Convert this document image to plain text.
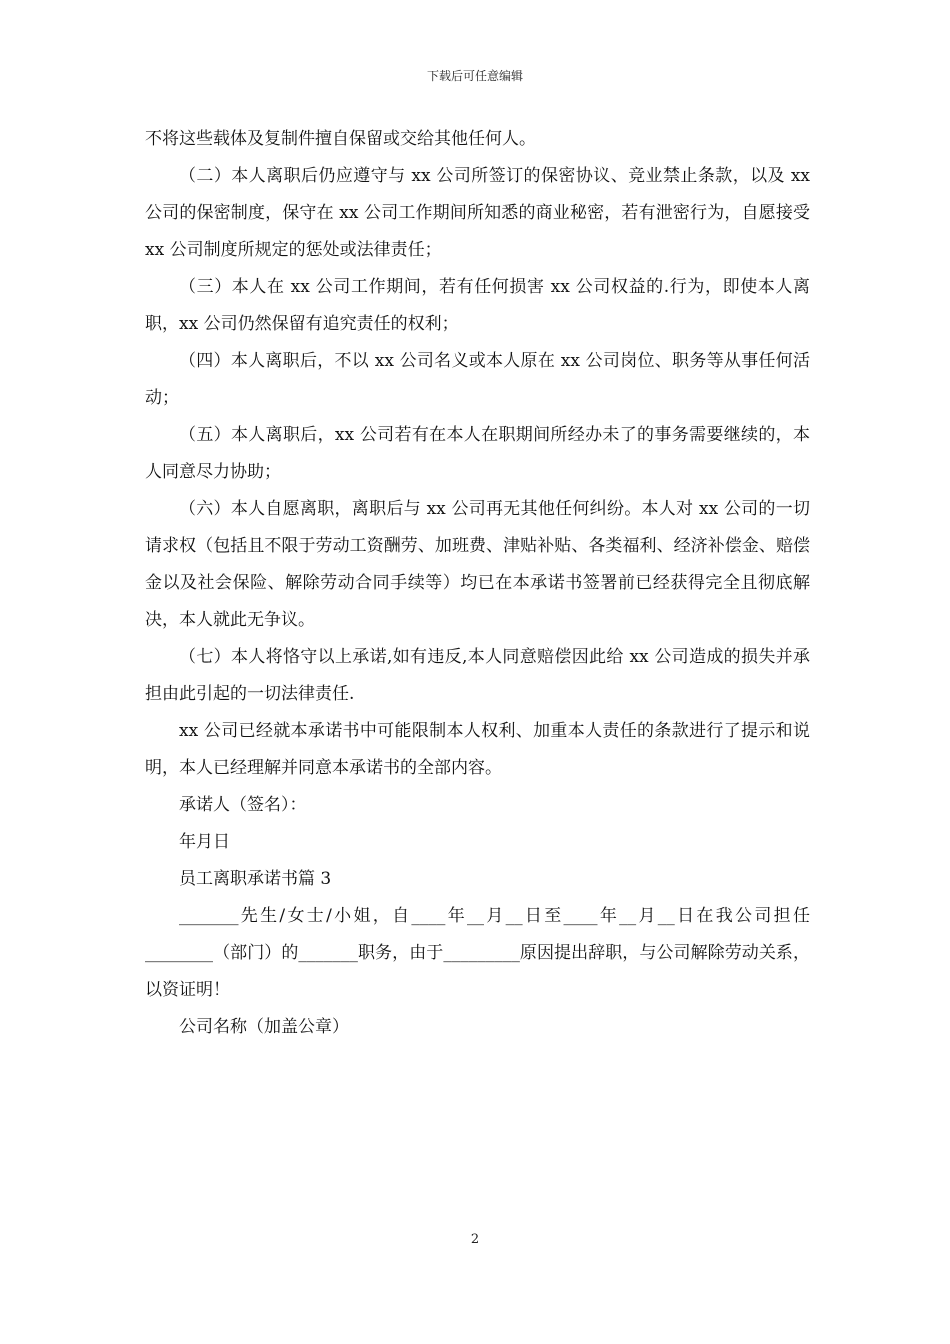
下载后可任意编辑

不将这些载体及复制件擅自保留或交给其他任何人。

（二）本人离职后仍应遵守与 xx 公司所签订的保密协议、竞业禁止条款，以及 xx 公司的保密制度，保守在 xx 公司工作期间所知悉的商业秘密，若有泄密行为，自愿接受 xx 公司制度所规定的惩处或法律责任；

（三）本人在 xx 公司工作期间，若有任何损害 xx 公司权益的.行为，即使本人离职，xx 公司仍然保留有追究责任的权利；

（四）本人离职后，不以 xx 公司名义或本人原在 xx 公司岗位、职务等从事任何活动；

（五）本人离职后，xx 公司若有在本人在职期间所经办未了的事务需要继续的，本人同意尽力协助；

（六）本人自愿离职，离职后与 xx 公司再无其他任何纠纷。本人对 xx 公司的一切请求权（包括且不限于劳动工资酬劳、加班费、津贴补贴、各类福利、经济补偿金、赔偿金以及社会保险、解除劳动合同手续等）均已在本承诺书签署前已经获得完全且彻底解决，本人就此无争议。

（七）本人将恪守以上承诺,如有违反,本人同意赔偿因此给 xx 公司造成的损失并承担由此引起的一切法律责任.

xx 公司已经就本承诺书中可能限制本人权利、加重本人责任的条款进行了提示和说明，本人已经理解并同意本承诺书的全部内容。

承诺人（签名）：

年月日

员工离职承诺书篇 3

_______先生/女士/小姐，自____年__月__日至____年__月__日在我公司担任________（部门）的_______职务，由于_________原因提出辞职，与公司解除劳动关系，以资证明！

公司名称（加盖公章）

2
